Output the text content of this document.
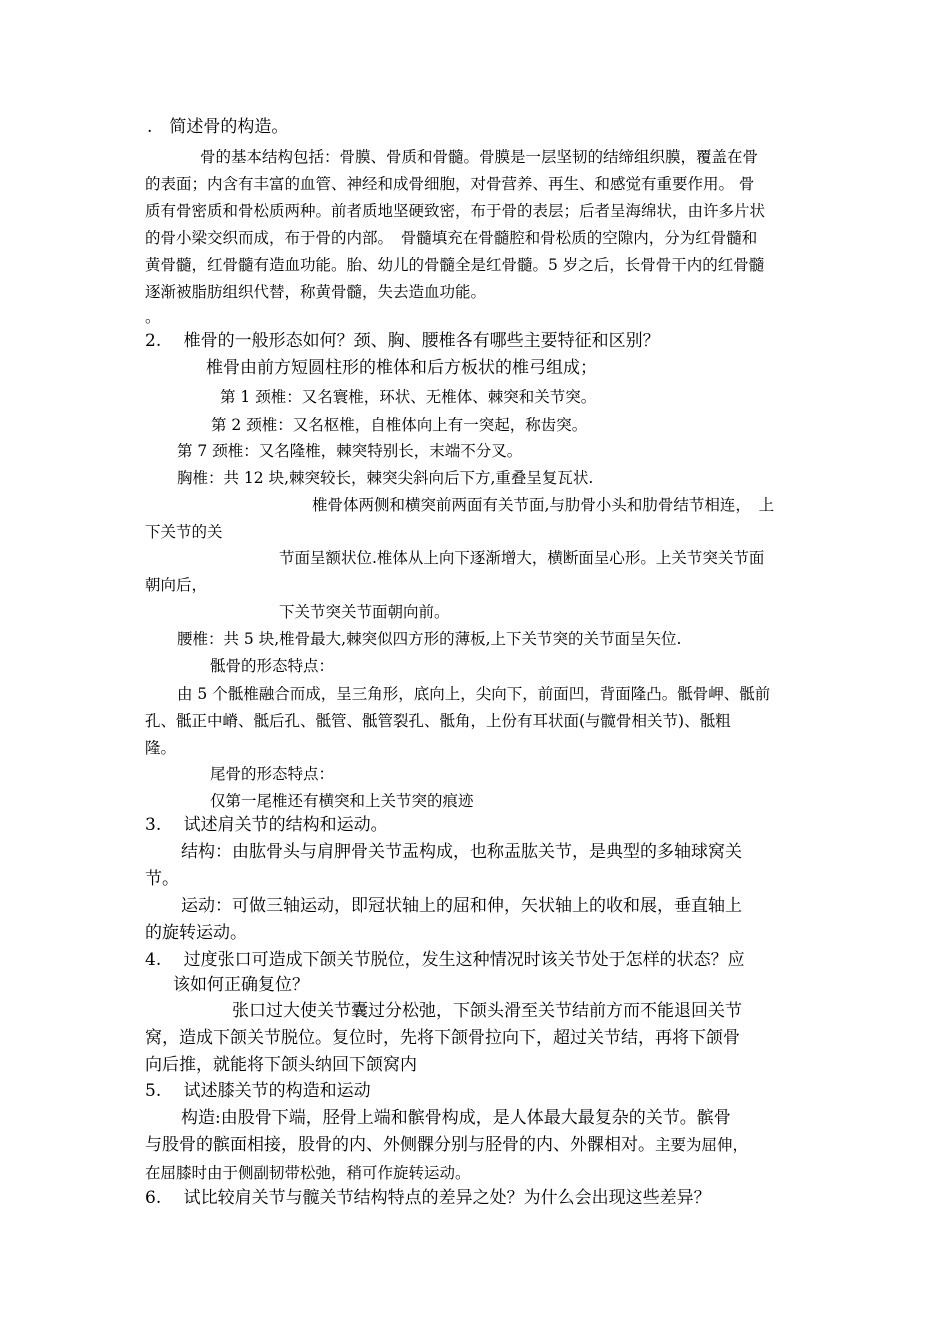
.　简述骨的构造。
骨的基本结构包括：骨膜、骨质和骨髓。骨膜是一层坚韧的结缔组织膜，覆盖在骨
的表面；内含有丰富的血管、神经和成骨细胞，对骨营养、再生、和感觉有重要作用。 骨
质有骨密质和骨松质两种。前者质地坚硬致密，布于骨的表层；后者呈海绵状，由许多片状
的骨小梁交织而成，布于骨的内部。　骨髓填充在骨髓腔和骨松质的空隙内，分为红骨髓和
黄骨髓，红骨髓有造血功能。胎、幼儿的骨髓全是红骨髓。5 岁之后，长骨骨干内的红骨髓
逐渐被脂肪组织代替，称黄骨髓，失去造血功能。
。
2.　 椎骨的一般形态如何？颈、胸、腰椎各有哪些主要特征和区别？
椎骨由前方短圆柱形的椎体和后方板状的椎弓组成；
第 1 颈椎：又名寰椎，环状、无椎体、棘突和关节突。
第 2 颈椎：又名枢椎，自椎体向上有一突起，称齿突。
第 7 颈椎：又名隆椎，棘突特别长，末端不分叉。
胸椎：共 12 块,棘突较长，棘突尖斜向后下方,重叠呈复瓦状.
椎骨体两侧和横突前两面有关节面,与肋骨小头和肋骨结节相连，　上
下关节的关
节面呈额状位.椎体从上向下逐渐增大，横断面呈心形。上关节突关节面
朝向后，
下关节突关节面朝向前。
腰椎：共 5 块,椎骨最大,棘突似四方形的薄板,上下关节突的关节面呈矢位.
骶骨的形态特点：
由 5 个骶椎融合而成，呈三角形，底向上，尖向下，前面凹，背面隆凸。骶骨岬、骶前
孔、骶正中嵴、骶后孔、骶管、骶管裂孔、骶角，上份有耳状面(与髋骨相关节)、骶粗
隆。
尾骨的形态特点：
仅第一尾椎还有横突和上关节突的痕迹
3.　 试述肩关节的结构和运动。
结构：由肱骨头与肩胛骨关节盂构成，也称盂肱关节，是典型的多轴球窝关
节。
运动：可做三轴运动，即冠状轴上的屈和伸，矢状轴上的收和展，垂直轴上
的旋转运动。
4.　 过度张口可造成下颌关节脱位，发生这种情况时该关节处于怎样的状态？应
该如何正确复位？
张口过大使关节囊过分松弛，下颌头滑至关节结前方而不能退回关节
窝，造成下颌关节脱位。复位时，先将下颌骨拉向下，超过关节结，再将下颌骨
向后推，就能将下颌头纳回下颌窝内
5.　 试述膝关节的构造和运动
构造:由股骨下端，胫骨上端和髌骨构成，是人体最大最复杂的关节。髌骨
与股骨的髌面相接，股骨的内、外侧髁分别与胫骨的内、外髁相对。主要为屈伸，
在屈膝时由于侧副韧带松弛，稍可作旋转运动。
6.　 试比较肩关节与髋关节结构特点的差异之处？为什么会出现这些差异？
